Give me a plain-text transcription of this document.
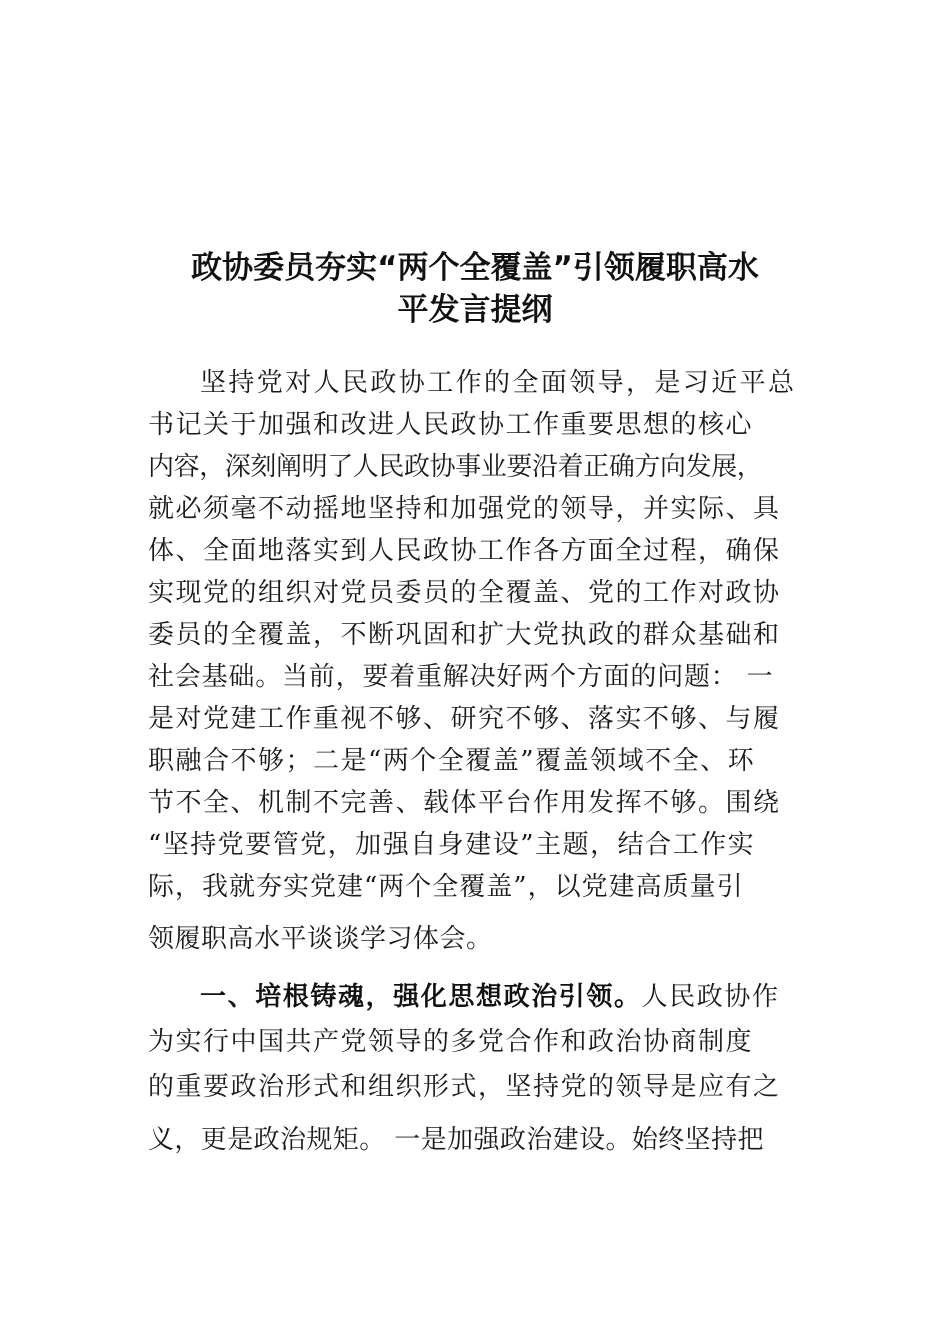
政协委员夯实“两个全覆盖”引领履职高水
平发言提纲
坚持党对人民政协工作的全面领导，是习近平总
书记关于加强和改进人民政协工作重要思想的核心
内容，深刻阐明了人民政协事业要沿着正确方向发展，
就必须毫不动摇地坚持和加强党的领导，并实际、具
体、全面地落实到人民政协工作各方面全过程，确保
实现党的组织对党员委员的全覆盖、党的工作对政协
委员的全覆盖，不断巩固和扩大党执政的群众基础和
社会基础。当前，要着重解决好两个方面的问题： 一
是对党建工作重视不够、研究不够、落实不够、与履
职融合不够；二是“两个全覆盖”覆盖领域不全、环
节不全、机制不完善、载体平台作用发挥不够。围绕
“坚持党要管党，加强自身建设”主题，结合工作实
际，我就夯实党建“两个全覆盖”，以党建高质量引
领履职高水平谈谈学习体会。
一、培根铸魂，强化思想政治引领。人民政协作
为实行中国共产党领导的多党合作和政治协商制度
的重要政治形式和组织形式，坚持党的领导是应有之
义，更是政治规矩。 一是加强政治建设。始终坚持把
